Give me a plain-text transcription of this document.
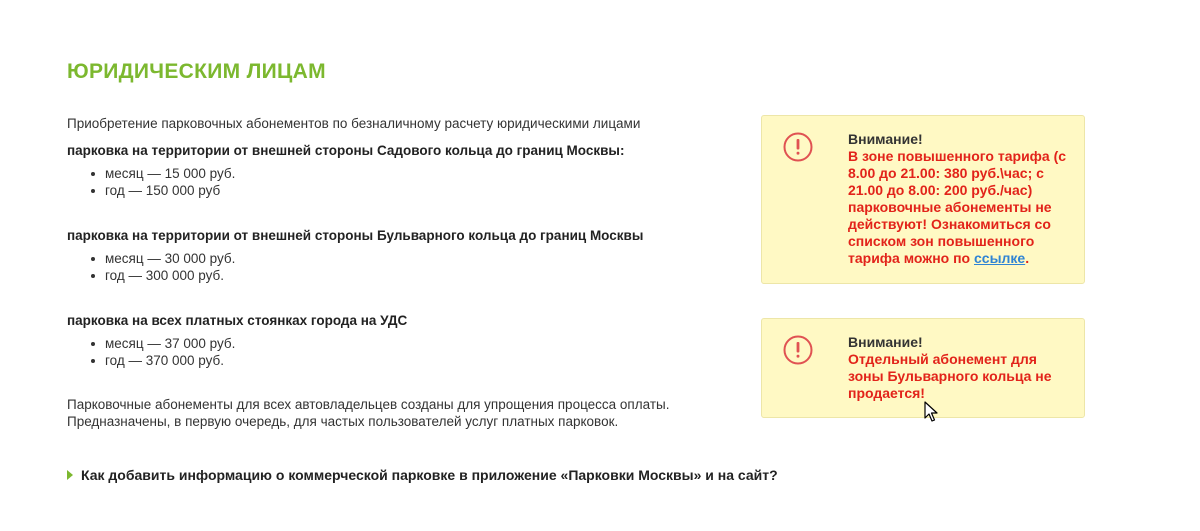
ЮРИДИЧЕСКИМ ЛИЦАМ

Приобретение парковочных абонементов по безналичному расчету юридическими лицами

парковка на территории от внешней стороны Садового кольца до границ Москвы:

месяц — 15 000 руб.
год — 150 000 руб

парковка на территории от внешней стороны Бульварного кольца до границ Москвы

месяц — 30 000 руб.
год — 300 000 руб.

парковка на всех платных стоянках города на УДС

месяц — 37 000 руб.
год — 370 000 руб.

Парковочные абонементы для всех автовладельцев созданы для упрощения процесса оплаты.
Предназначены, в первую очередь, для частых пользователей услуг платных парковок.

Как добавить информацию о коммерческой парковке в приложение «Парковки Москвы» и на сайт?
Внимание!
В зоне повышенного тарифа (с 8.00 до 21.00: 380 руб.\час; с 21.00 до 8.00: 200 руб./час) парковочные абонементы не действуют! Ознакомиться со списком зон повышенного тарифа можно по ссылке.
Внимание!
Отдельный абонемент для зоны Бульварного кольца не продается!
